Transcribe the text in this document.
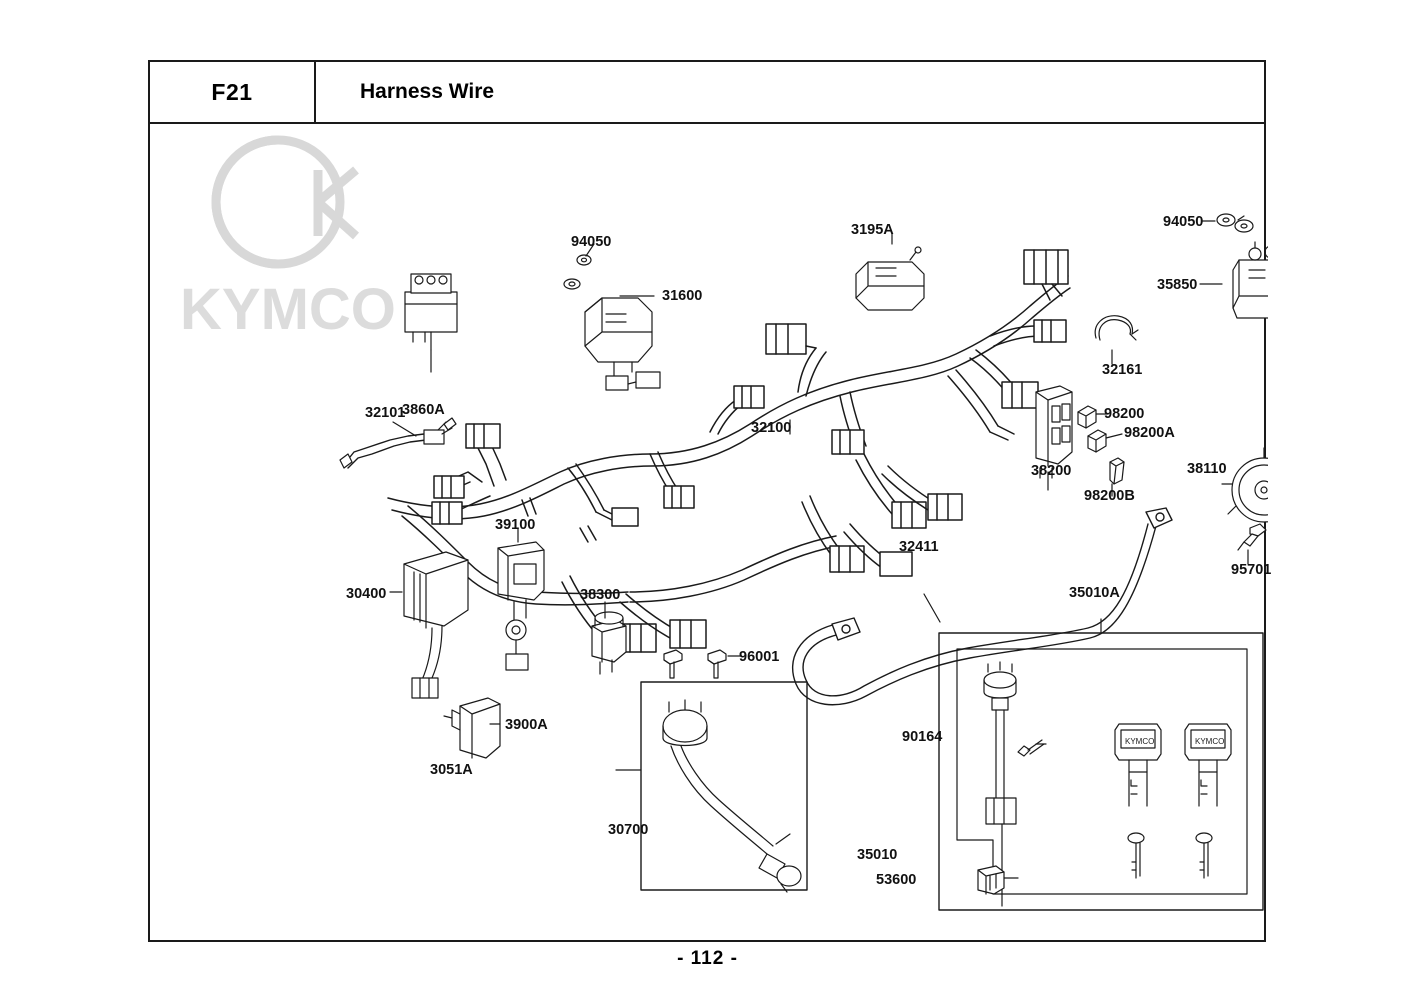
F21	Harness Wire
KYMCO
KYMCO	KYMCO
3860A
94050
31600
3195A	94050
35850
32161
32101
32100
98200
98200A
38200
98200B
38110
39100
30400	38300
32411
35010A
95701
96001
3900A
3051A
30700
90164
35010
53600
- 112 -
